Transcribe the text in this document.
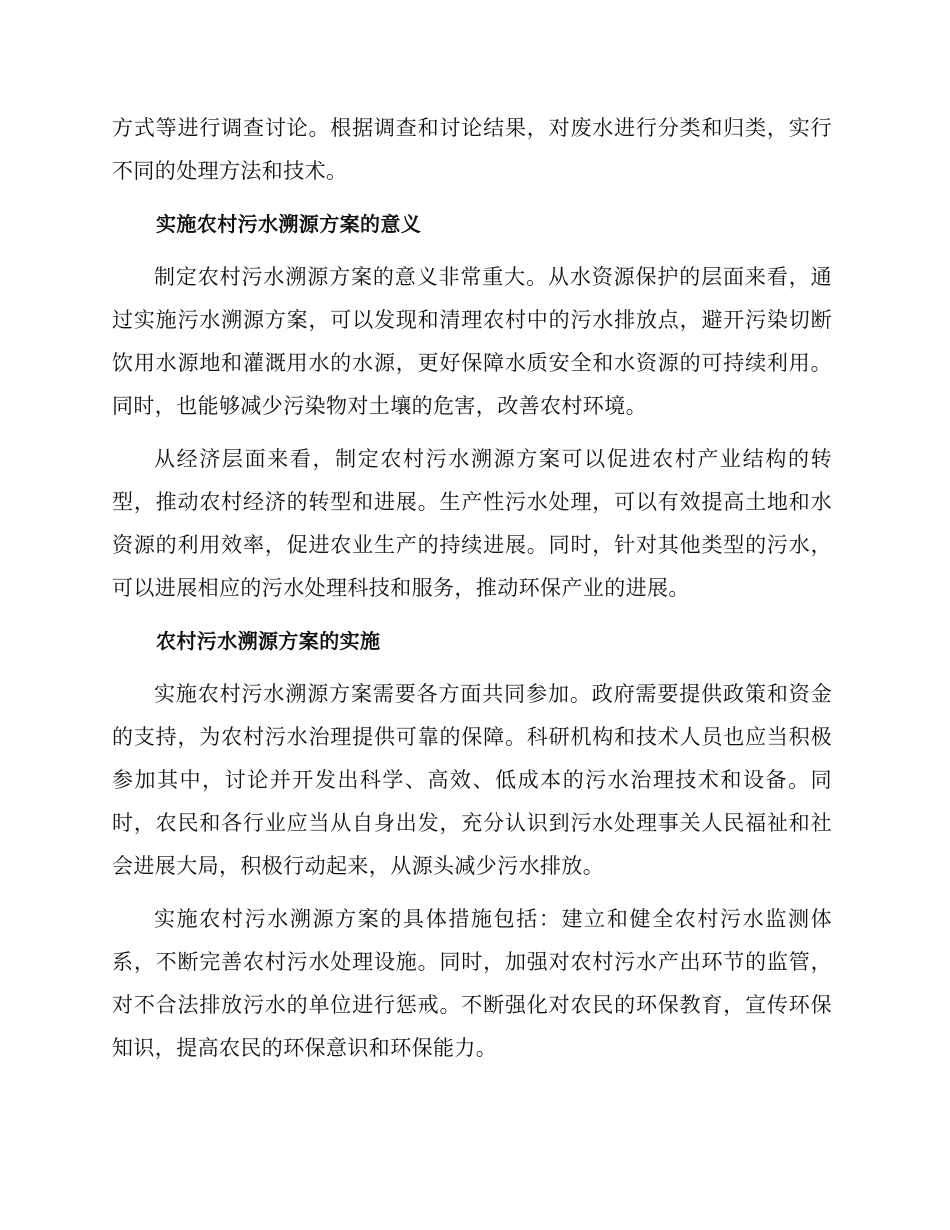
方式等进行调查讨论。根据调查和讨论结果，对废水进行分类和归类，实行不同的处理方法和技术。

实施农村污水溯源方案的意义

制定农村污水溯源方案的意义非常重大。从水资源保护的层面来看，通过实施污水溯源方案，可以发现和清理农村中的污水排放点，避开污染切断饮用水源地和灌溉用水的水源，更好保障水质安全和水资源的可持续利用。同时，也能够减少污染物对土壤的危害，改善农村环境。

从经济层面来看，制定农村污水溯源方案可以促进农村产业结构的转型，推动农村经济的转型和进展。生产性污水处理，可以有效提高土地和水资源的利用效率，促进农业生产的持续进展。同时，针对其他类型的污水，可以进展相应的污水处理科技和服务，推动环保产业的进展。

农村污水溯源方案的实施

实施农村污水溯源方案需要各方面共同参加。政府需要提供政策和资金的支持，为农村污水治理提供可靠的保障。科研机构和技术人员也应当积极参加其中，讨论并开发出科学、高效、低成本的污水治理技术和设备。同时，农民和各行业应当从自身出发，充分认识到污水处理事关人民福祉和社会进展大局，积极行动起来，从源头减少污水排放。

实施农村污水溯源方案的具体措施包括：建立和健全农村污水监测体系，不断完善农村污水处理设施。同时，加强对农村污水产出环节的监管，对不合法排放污水的单位进行惩戒。不断强化对农民的环保教育，宣传环保知识，提高农民的环保意识和环保能力。
